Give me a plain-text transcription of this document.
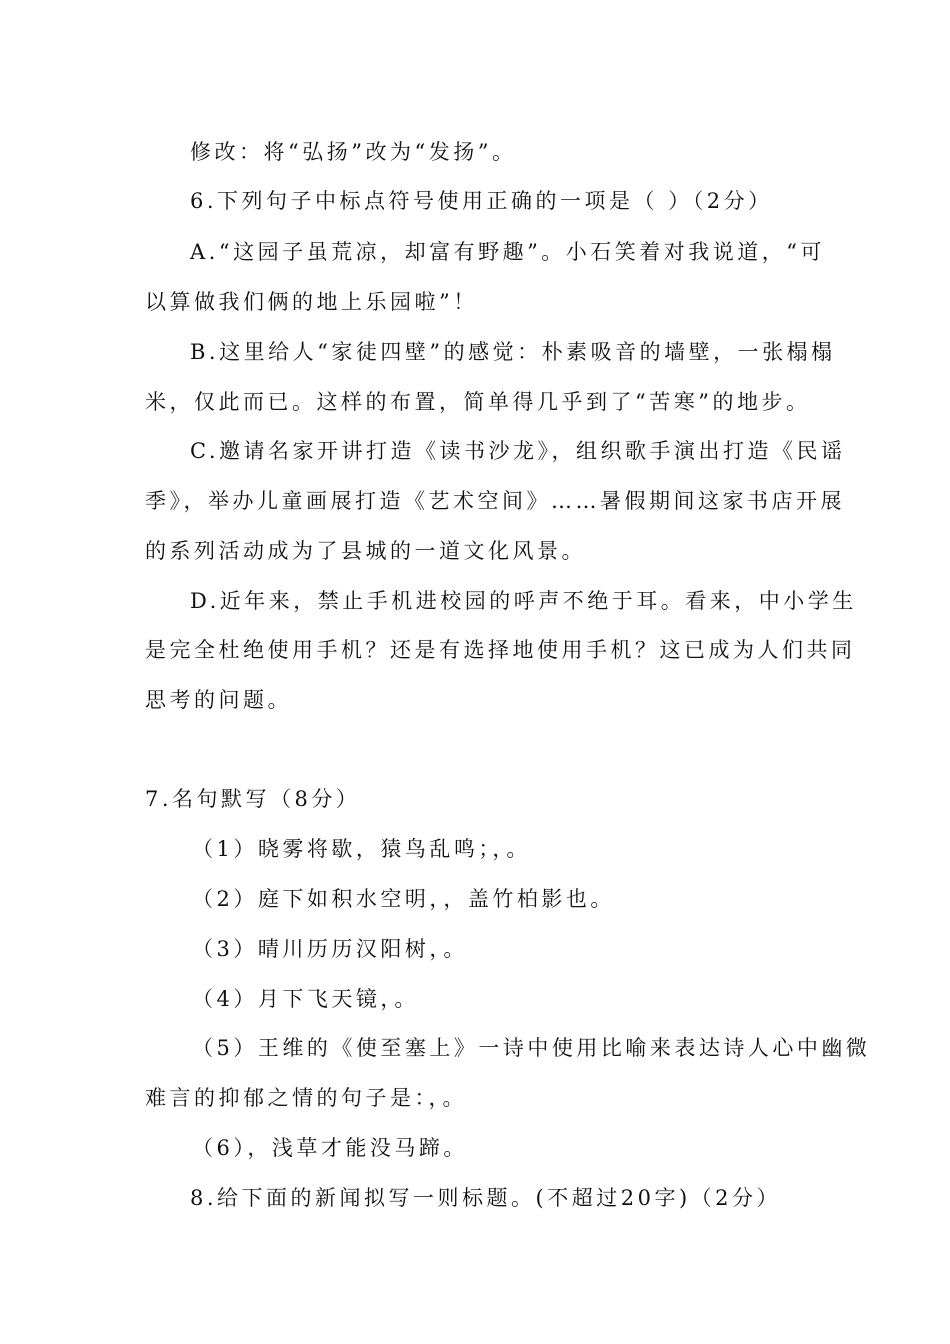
修改：将“弘扬”改为“发扬”。
6.下列句子中标点符号使用正确的一项是（ ）（2分）
A.“这园子虽荒凉，却富有野趣”。小石笑着对我说道，“可
以算做我们俩的地上乐园啦”！
B.这里给人“家徒四壁”的感觉：朴素吸音的墙壁，一张榻榻
米，仅此而已。这样的布置，简单得几乎到了“苦寒”的地步。
C.邀请名家开讲打造《读书沙龙》，组织歌手演出打造《民谣
季》，举办儿童画展打造《艺术空间》……暑假期间这家书店开展
的系列活动成为了县城的一道文化风景。
D.近年来，禁止手机进校园的呼声不绝于耳。看来，中小学生
是完全杜绝使用手机？还是有选择地使用手机？这已成为人们共同
思考的问题。
7.名句默写（8分）
（1）晓雾将歇，猿鸟乱鸣；，。
（2）庭下如积水空明，，盖竹柏影也。
（3）晴川历历汉阳树，。
（4）月下飞天镜，。
（5）王维的《使至塞上》一诗中使用比喻来表达诗人心中幽微
难言的抑郁之情的句子是：，。
（6），浅草才能没马蹄。
8.给下面的新闻拟写一则标题。(不超过20字)（2分）
